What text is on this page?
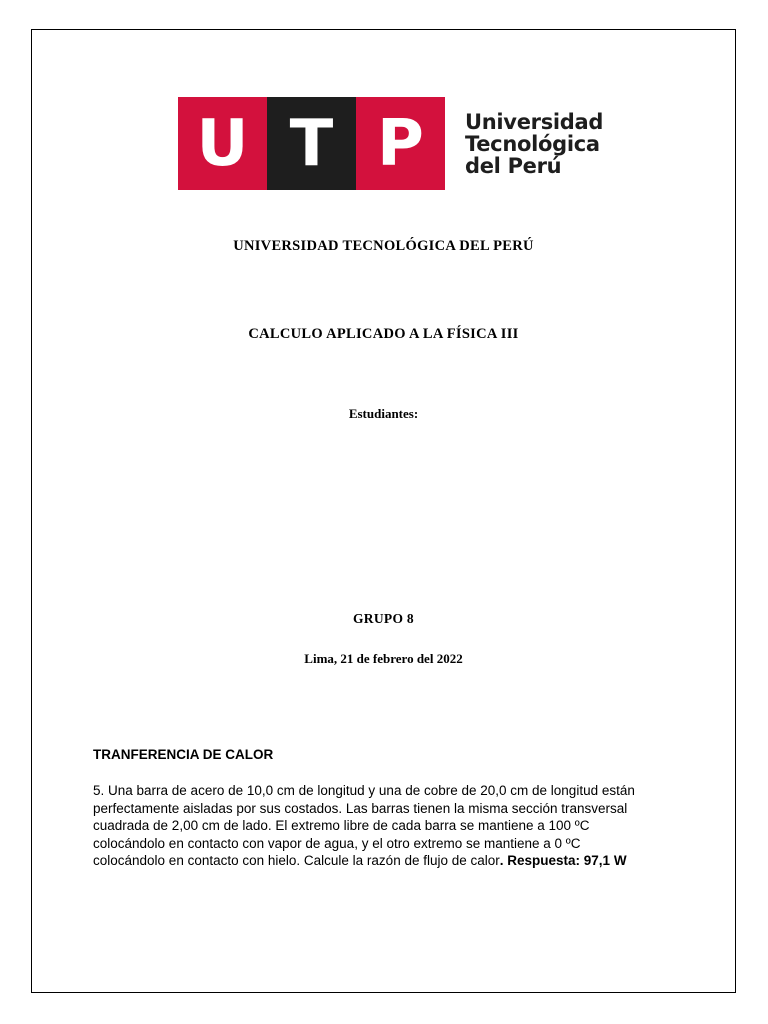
U T P	Universidad
Tecnológica
del Perú
UNIVERSIDAD TECNOLÓGICA DEL PERÚ
CALCULO APLICADO A LA FÍSICA III
Estudiantes:
GRUPO 8
Lima, 21 de febrero del 2022
TRANFERENCIA DE CALOR
5. Una barra de acero de 10,0 cm de longitud y una de cobre de 20,0 cm de longitud están
perfectamente aisladas por sus costados. Las barras tienen la misma sección transversal
cuadrada de 2,00 cm de lado. El extremo libre de cada barra se mantiene a 100 ºC
colocándolo en contacto con vapor de agua, y el otro extremo se mantiene a 0 ºC
colocándolo en contacto con hielo. Calcule la razón de flujo de calor. Respuesta: 97,1 W
